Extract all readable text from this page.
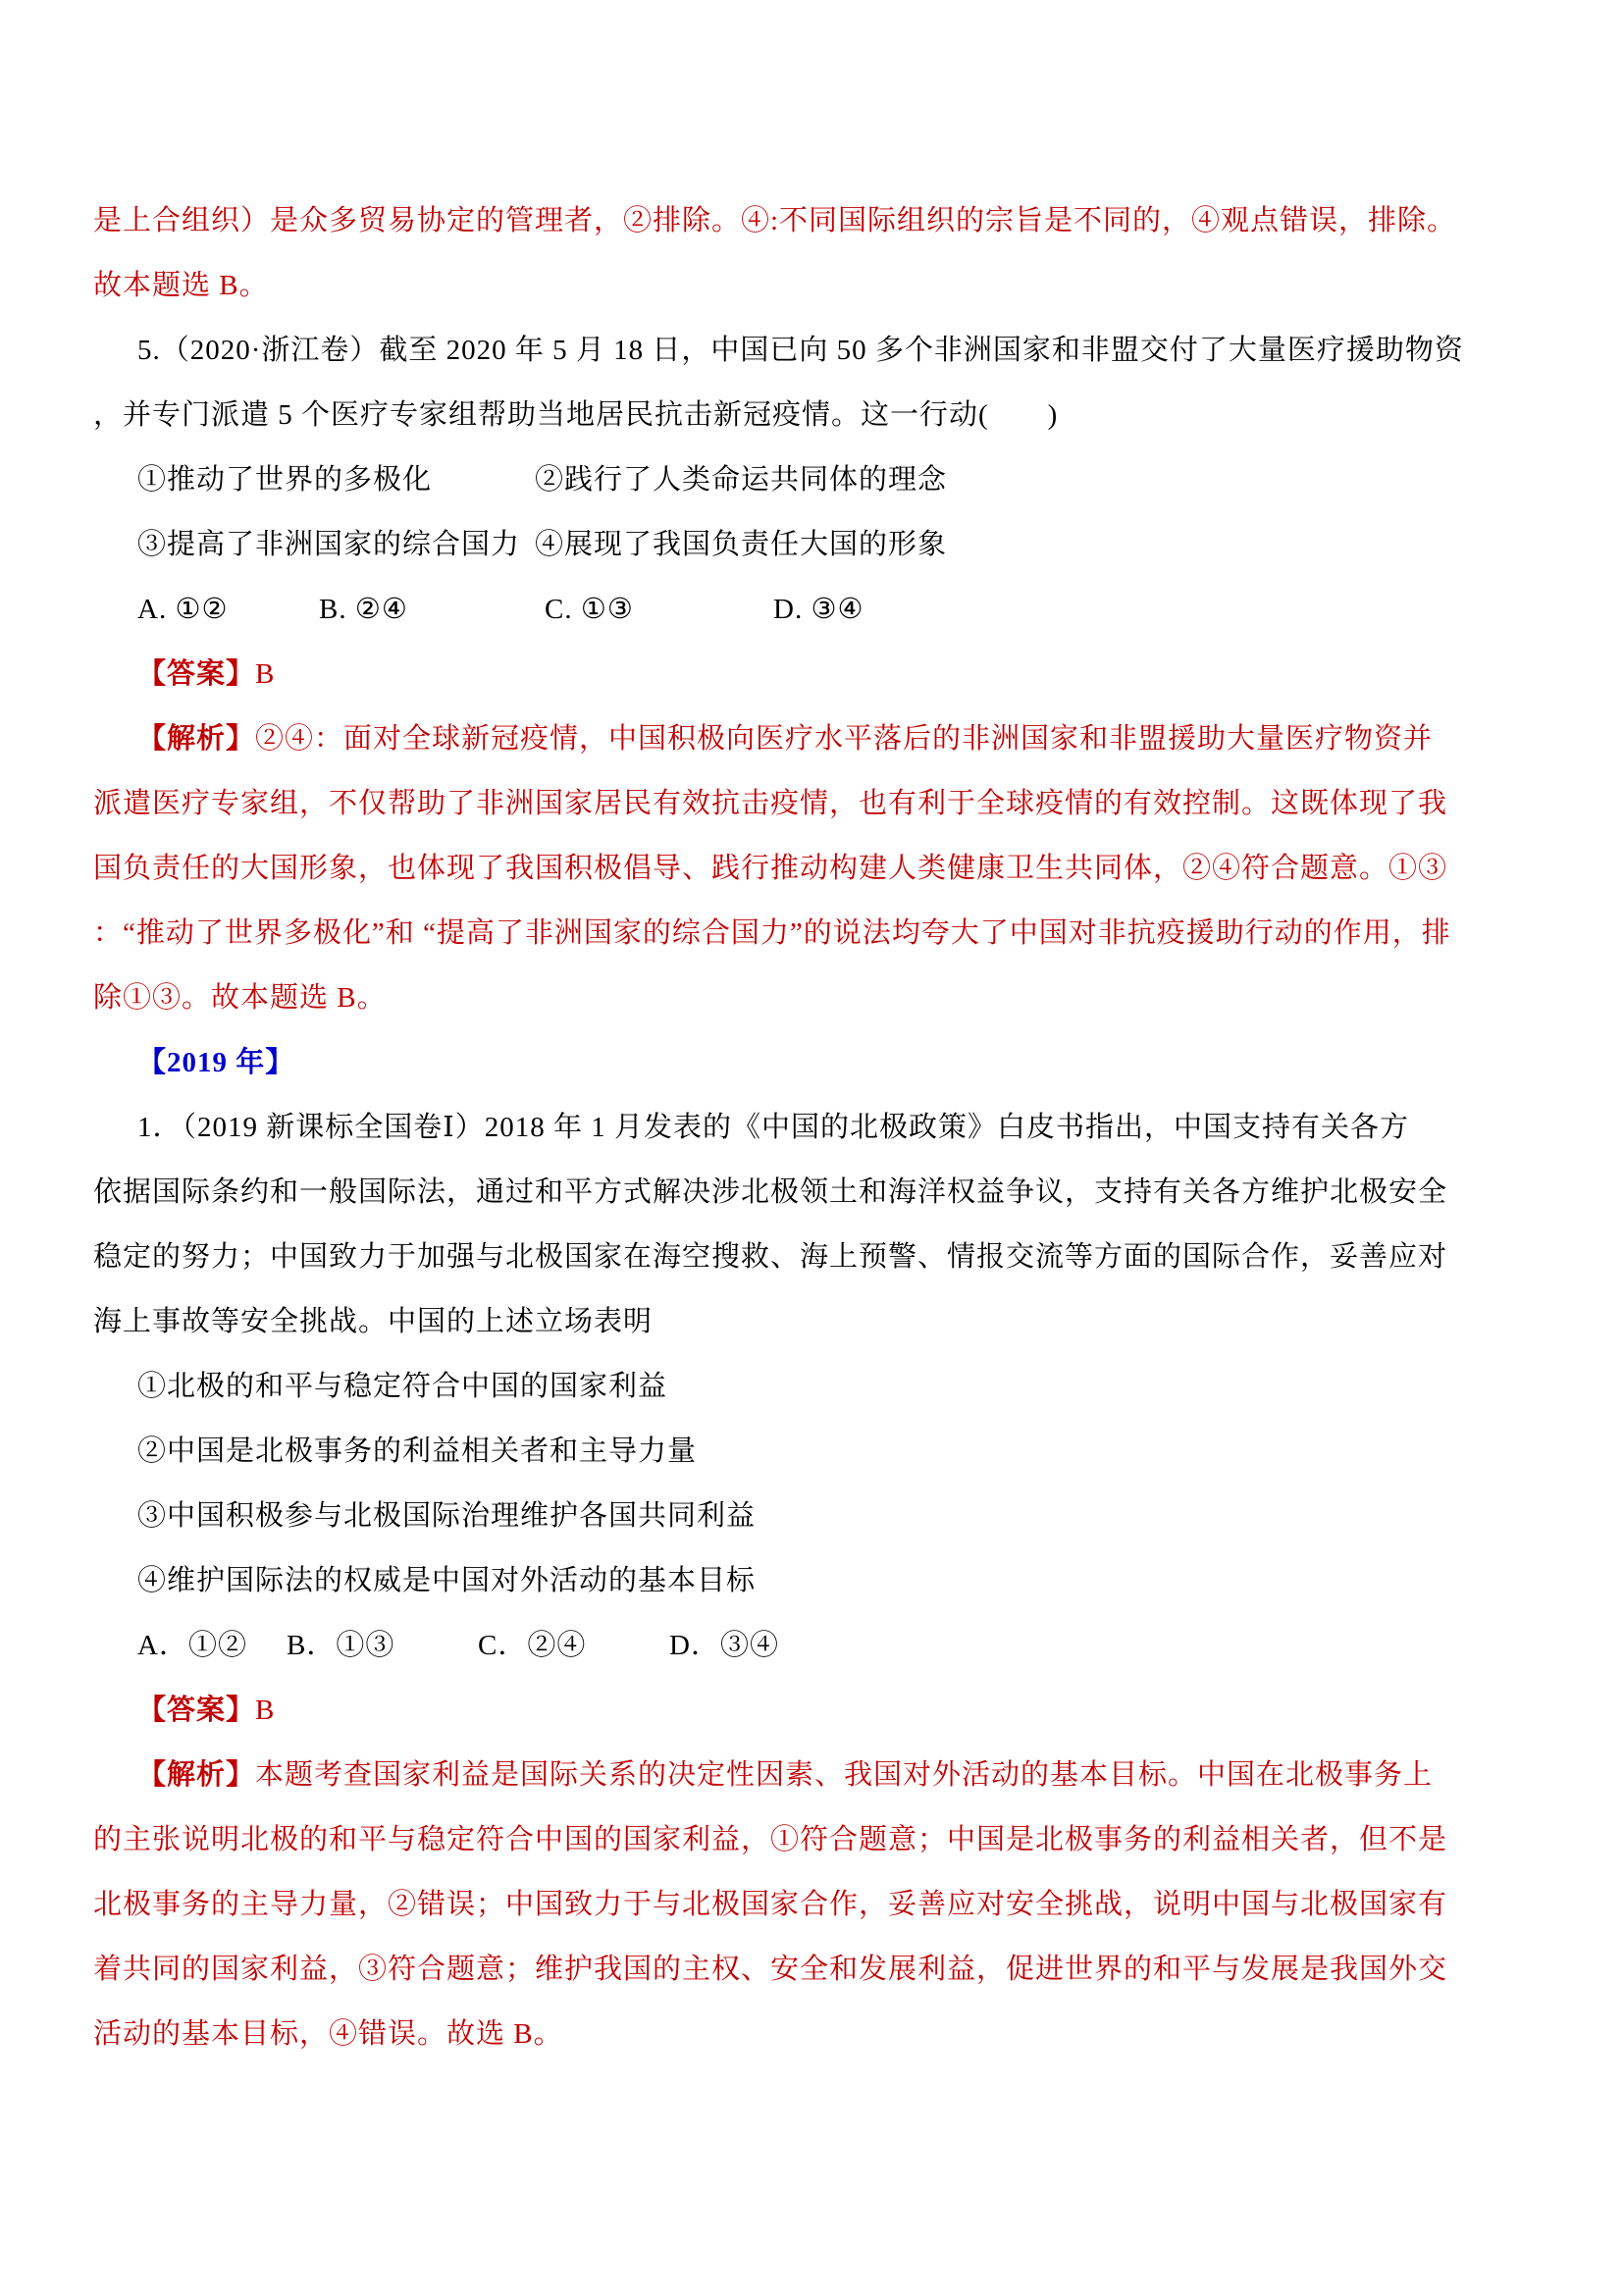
是上合组织）是众多贸易协定的管理者，②排除。④:不同国际组织的宗旨是不同的，④观点错误，排除。
故本题选 B。
5.（2020·浙江卷）截至 2020 年 5 月 18 日，中国已向 50 多个非洲国家和非盟交付了大量医疗援助物资
，并专门派遣 5 个医疗专家组帮助当地居民抗击新冠疫情。这一行动(　　)
①推动了世界的多极化	②践行了人类命运共同体的理念
③提高了非洲国家的综合国力 ④展现了我国负责任大国的形象
A. ①②	B. ②④	C. ①③	D. ③④
【答案】B
【解析】②④：面对全球新冠疫情，中国积极向医疗水平落后的非洲国家和非盟援助大量医疗物资并
派遣医疗专家组，不仅帮助了非洲国家居民有效抗击疫情，也有利于全球疫情的有效控制。这既体现了我
国负责任的大国形象，也体现了我国积极倡导、践行推动构建人类健康卫生共同体，②④符合题意。①③
：“推动了世界多极化”和 “提高了非洲国家的综合国力”的说法均夸大了中国对非抗疫援助行动的作用，排
除①③。故本题选 B。
【2019 年】
1．（2019 新课标全国卷Ⅰ）2018 年 1 月发表的《中国的北极政策》白皮书指出，中国支持有关各方
依据国际条约和一般国际法，通过和平方式解决涉北极领土和海洋权益争议，支持有关各方维护北极安全
稳定的努力；中国致力于加强与北极国家在海空搜救、海上预警、情报交流等方面的国际合作，妥善应对
海上事故等安全挑战。中国的上述立场表明
①北极的和平与稳定符合中国的国家利益
②中国是北极事务的利益相关者和主导力量
③中国积极参与北极国际治理维护各国共同利益
④维护国际法的权威是中国对外活动的基本目标
A．①② B．①③	C．②④	D．③④
【答案】B
【解析】本题考查国家利益是国际关系的决定性因素、我国对外活动的基本目标。中国在北极事务上
的主张说明北极的和平与稳定符合中国的国家利益，①符合题意；中国是北极事务的利益相关者，但不是
北极事务的主导力量，②错误；中国致力于与北极国家合作，妥善应对安全挑战，说明中国与北极国家有
着共同的国家利益，③符合题意；维护我国的主权、安全和发展利益，促进世界的和平与发展是我国外交
活动的基本目标，④错误。故选 B。
